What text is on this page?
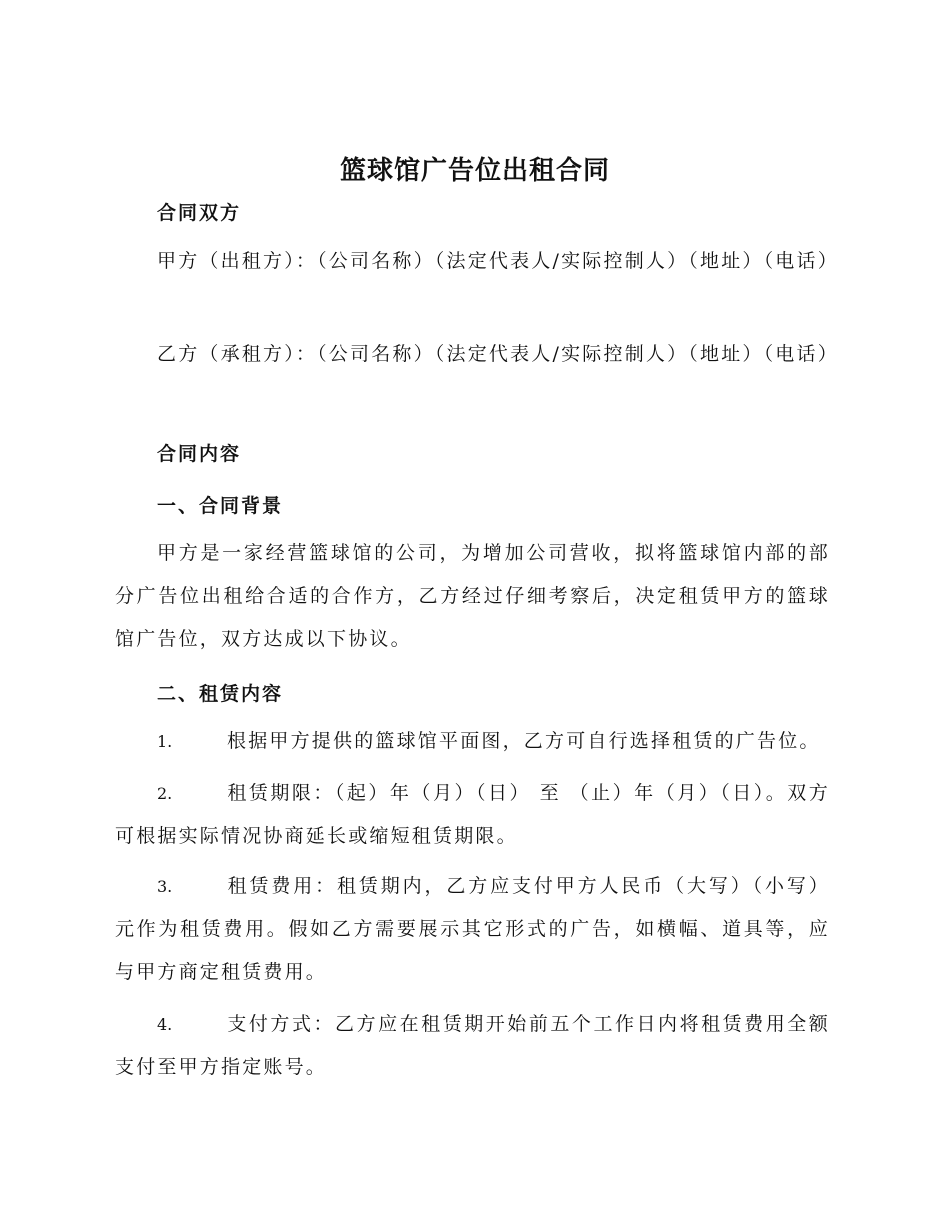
篮球馆广告位出租合同
合同双方
甲方（出租方）：（公司名称）（法定代表人/实际控制人）（地址）（电话）
乙方（承租方）：（公司名称）（法定代表人/实际控制人）（地址）（电话）
合同内容
一、合同背景
甲方是一家经营篮球馆的公司，为增加公司营收，拟将篮球馆内部的部分广告位出租给合适的合作方，乙方经过仔细考察后，决定租赁甲方的篮球馆广告位，双方达成以下协议。
二、租赁内容
1.	根据甲方提供的篮球馆平面图，乙方可自行选择租赁的广告位。
2.	租赁期限：（起）年（月）（日） 至 （止）年（月）（日）。双方可根据实际情况协商延长或缩短租赁期限。
3.	租赁费用：租赁期内，乙方应支付甲方人民币（大写）（小写）元作为租赁费用。假如乙方需要展示其它形式的广告，如横幅、道具等，应与甲方商定租赁费用。
4.	支付方式：乙方应在租赁期开始前五个工作日内将租赁费用全额支付至甲方指定账号。
